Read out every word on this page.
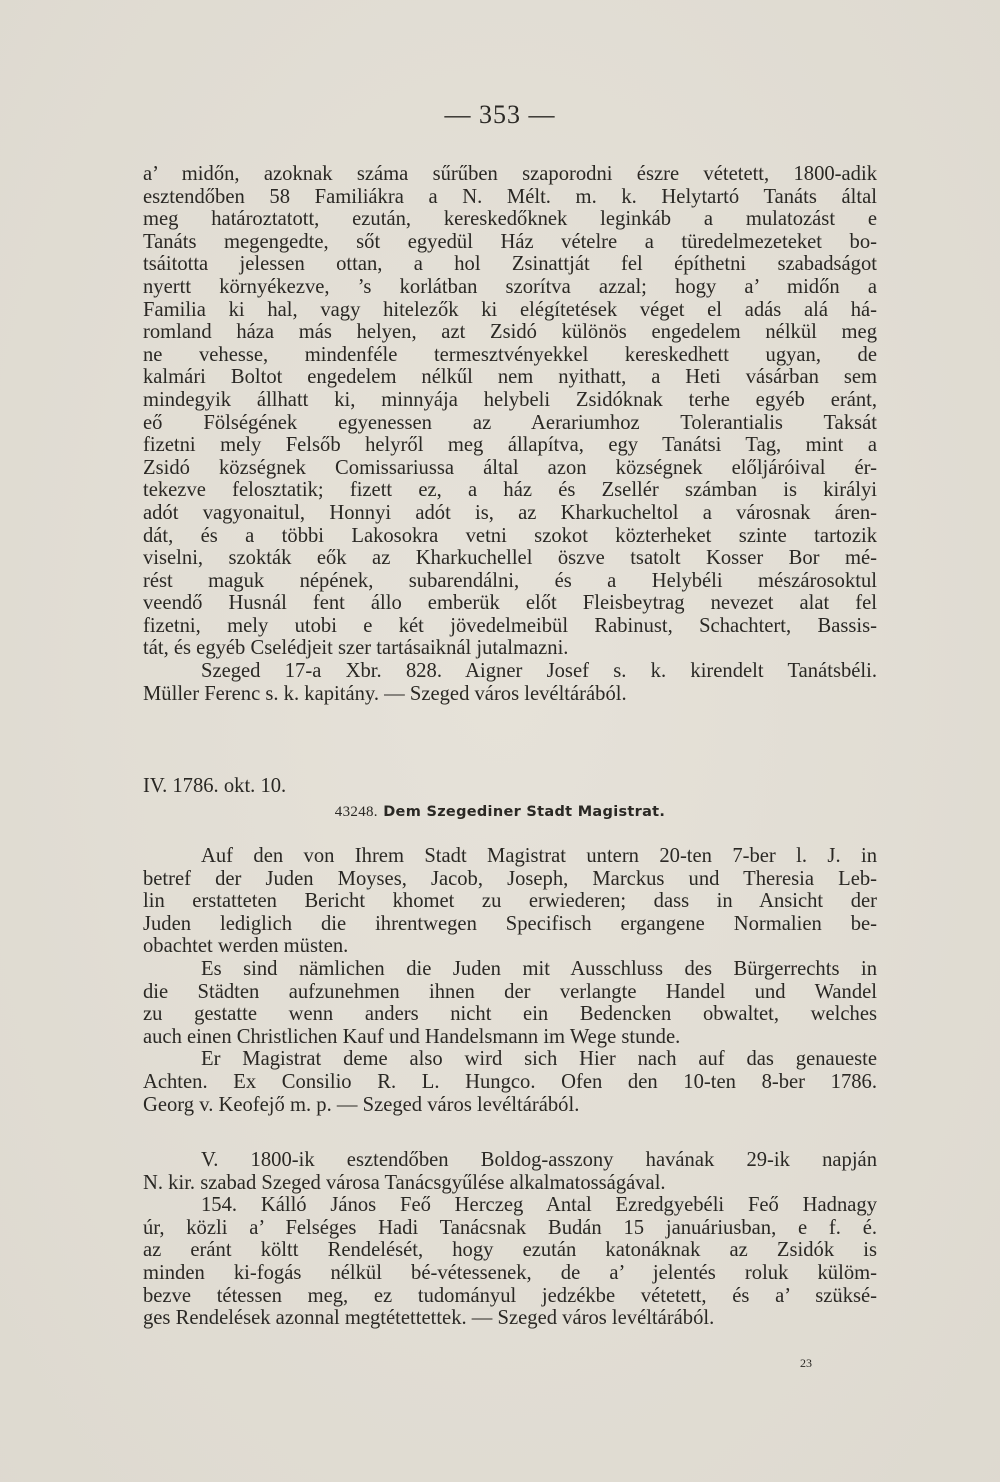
— 353 —

a’ midőn, azoknak száma sűrűben szaporodni észre vétetett, 1800-adik

esztendőben 58 Familiákra a N. Mélt. m. k. Helytartó Tanáts által

meg határoztatott, ezután, kereskedőknek leginkáb a mulatozást e

Tanáts megengedte, sőt egyedül Ház vételre a türedelmezeteket bo-

tsáitotta jelessen ottan, a hol Zsinattját fel építhetni szabadságot

nyertt környékezve, ’s korlátban szorítva azzal; hogy a’ midőn a

Familia ki hal, vagy hitelezők ki elégítetések véget el adás alá há-

romland háza más helyen, azt Zsidó különös engedelem nélkül meg

ne vehesse, mindenféle termesztvényekkel kereskedhett ugyan, de

kalmári Boltot engedelem nélkűl nem nyithatt, a Heti vásárban sem

mindegyik állhatt ki, minnyája helybeli Zsidóknak terhe egyéb eránt,

eő Fölségének egyenessen az Aerariumhoz Tolerantialis Taksát

fizetni mely Felsőb helyről meg állapítva, egy Tanátsi Tag, mint a

Zsidó községnek Comissariussa által azon községnek előljáróival ér-

tekezve felosztatik; fizett ez, a ház és Zsellér számban is királyi

adót vagyonaitul, Honnyi adót is, az Kharkucheltol a városnak áren-

dát, és a többi Lakosokra vetni szokot közterheket szinte tartozik

viselni, szokták eők az Kharkuchellel öszve tsatolt Kosser Bor mé-

rést maguk népének, subarendálni, és a Helybéli mészárosoktul

veendő Husnál fent állo emberük előt Fleisbeytrag nevezet alat fel

fizetni, mely utobi e két jövedelmeibül Rabinust, Schachtert, Bassis-

tát, és egyéb Cselédjeit szer tartásaiknál jutalmazni.

Szeged 17-a Xbr. 828. Aigner Josef s. k. kirendelt Tanátsbéli.

Müller Ferenc s. k. kapitány. — Szeged város levéltárából.

IV. 1786. okt. 10.

43248. Dem Szegediner Stadt Magistrat.

Auf den von Ihrem Stadt Magistrat untern 20-ten 7-ber l. J. in

betref der Juden Moyses, Jacob, Joseph, Marckus und Theresia Leb-

lin erstatteten Bericht khomet zu erwiederen; dass in Ansicht der

Juden lediglich die ihrentwegen Specifisch ergangene Normalien be-

obachtet werden müsten.

Es sind nämlichen die Juden mit Ausschluss des Bürgerrechts in

die Städten aufzunehmen ihnen der verlangte Handel und Wandel

zu gestatte wenn anders nicht ein Bedencken obwaltet, welches

auch einen Christlichen Kauf und Handelsmann im Wege stunde.

Er Magistrat deme also wird sich Hier nach auf das genaueste

Achten. Ex Consilio R. L. Hungco. Ofen den 10-ten 8-ber 1786.

Georg v. Keofejő m. p. — Szeged város levéltárából.

V. 1800-ik esztendőben Boldog-asszony havának 29-ik napján

N. kir. szabad Szeged városa Tanácsgyűlése alkalmatosságával.

154. Kálló János Feő Herczeg Antal Ezredgyebéli Feő Hadnagy

úr, közli a’ Felséges Hadi Tanácsnak Budán 15 januáriusban, e f. é.

az eránt költt Rendelését, hogy ezután katonáknak az Zsidók is

minden ki-fogás nélkül bé-vétessenek, de a’ jelentés roluk külöm-

bezve tétessen meg, ez tudományul jedzékbe vétetett, és a’ szüksé-

ges Rendelések azonnal megtétettettek. — Szeged város levéltárából.

23
